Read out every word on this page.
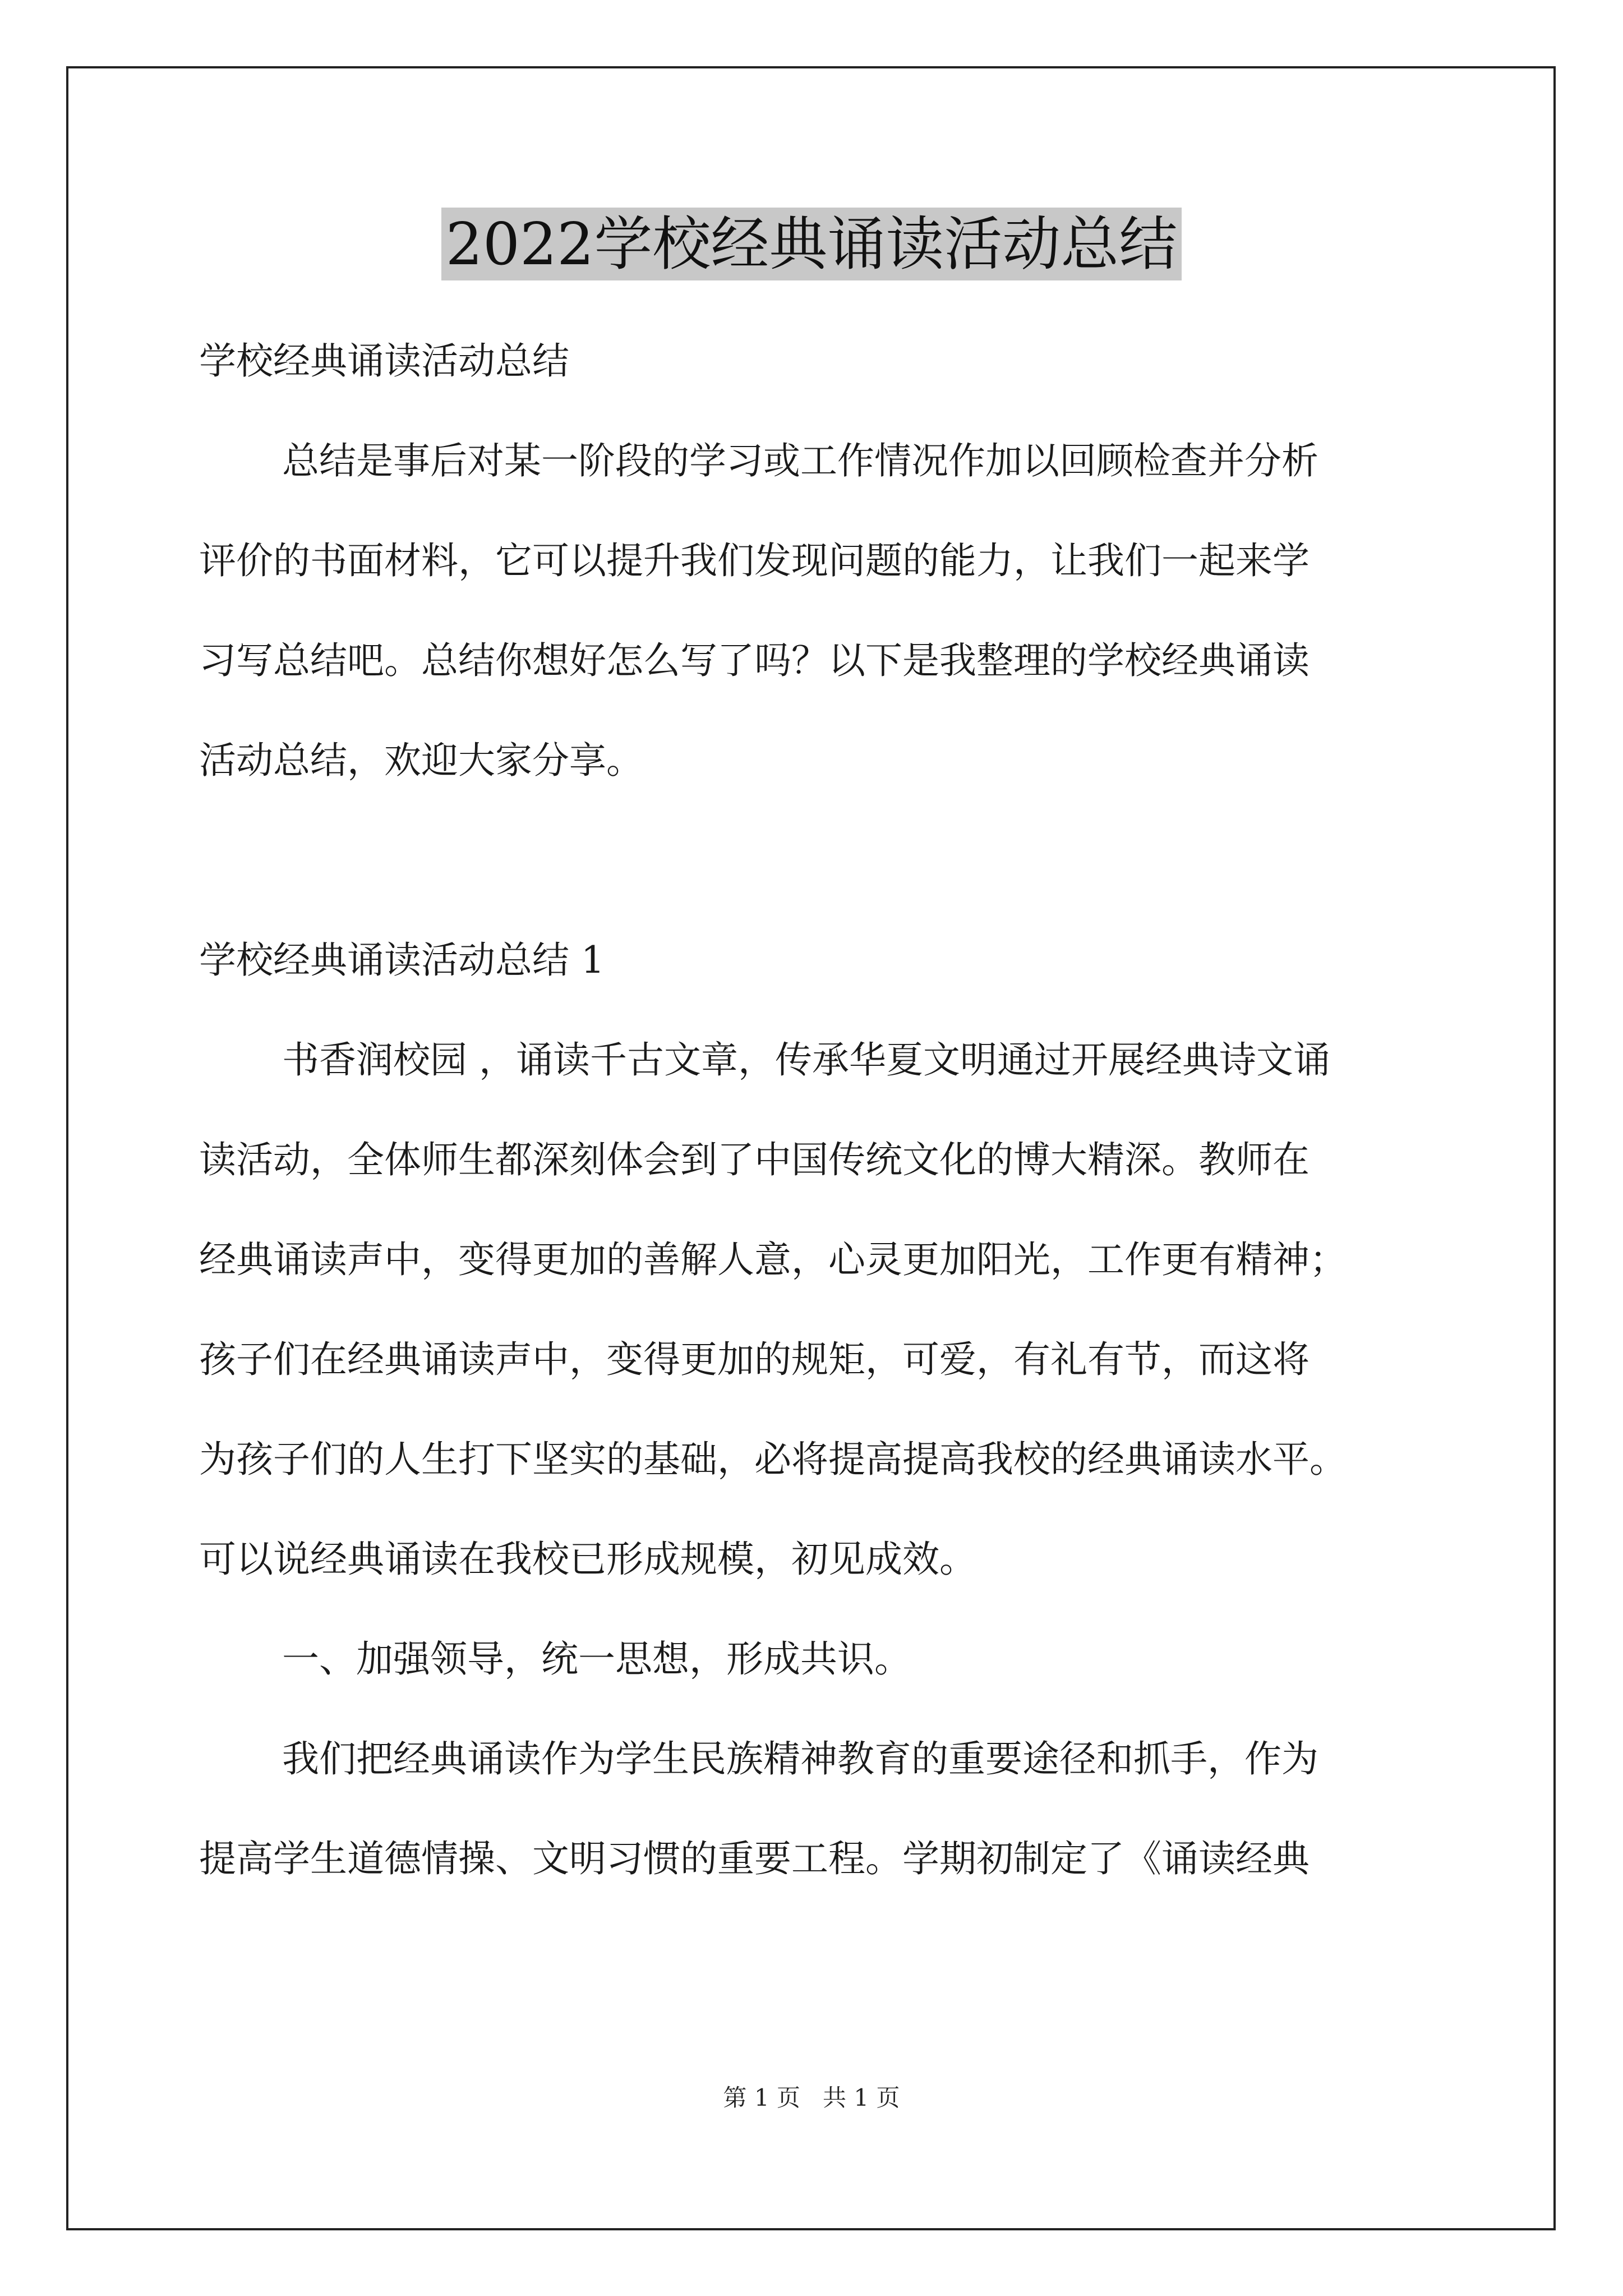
2022学校经典诵读活动总结
学校经典诵读活动总结
总结是事后对某一阶段的学习或工作情况作加以回顾检查并分析
评价的书面材料，它可以提升我们发现问题的能力，让我们一起来学
习写总结吧。总结你想好怎么写了吗？以下是我整理的学校经典诵读
活动总结，欢迎大家分享。
学校经典诵读活动总结 1
书香润校园 ，诵读千古文章，传承华夏文明通过开展经典诗文诵
读活动，全体师生都深刻体会到了中国传统文化的博大精深。教师在
经典诵读声中，变得更加的善解人意，心灵更加阳光，工作更有精神；
孩子们在经典诵读声中，变得更加的规矩，可爱，有礼有节，而这将
为孩子们的人生打下坚实的基础，必将提高提高我校的经典诵读水平。
可以说经典诵读在我校已形成规模，初见成效。
一、加强领导，统一思想，形成共识。
我们把经典诵读作为学生民族精神教育的重要途径和抓手，作为
提高学生道德情操、文明习惯的重要工程。学期初制定了《诵读经典
第 1 页   共 1 页
